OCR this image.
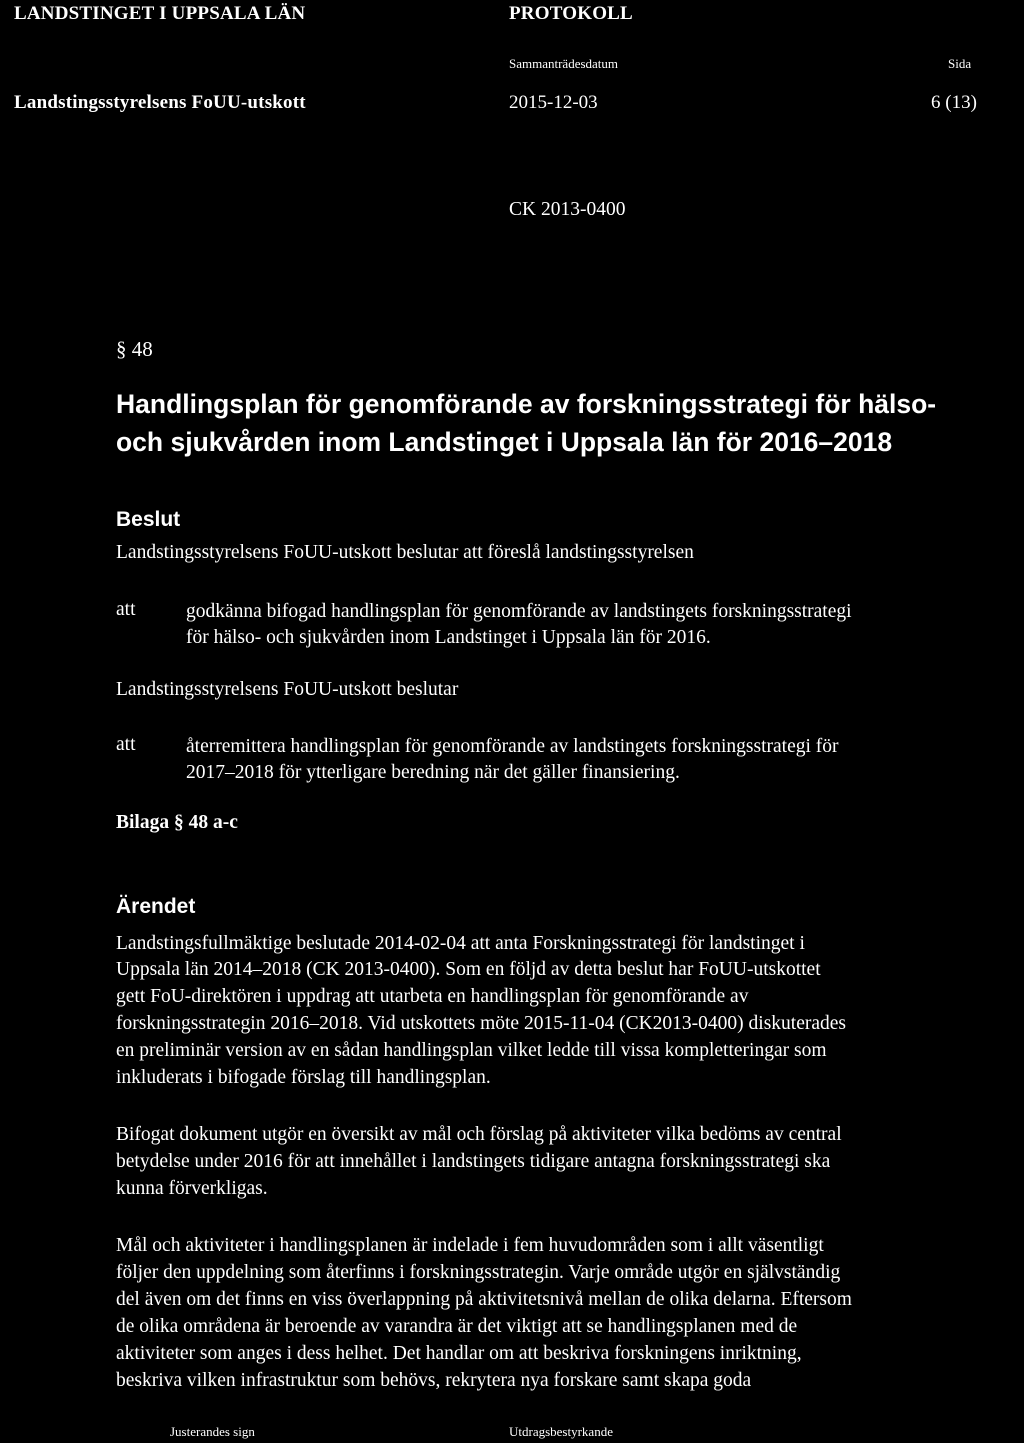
LANDSTINGET I UPPSALA LÄN	PROTOKOLL
Sammanträdesdatum	Sida
Landstingsstyrelsens FoUU-utskott	2015-12-03	6 (13)
CK 2013-0400
§ 48
Handlingsplan för genomförande av forskningsstrategi för hälso-
och sjukvården inom Landstinget i Uppsala län för 2016–2018
Beslut
Landstingsstyrelsens FoUU-utskott beslutar att föreslå landstingsstyrelsen
att	godkänna bifogad handlingsplan för genomförande av landstingets forskningsstrategi
för hälso- och sjukvården inom Landstinget i Uppsala län för 2016.
Landstingsstyrelsens FoUU-utskott beslutar
att	återremittera handlingsplan för genomförande av landstingets forskningsstrategi för
2017–2018 för ytterligare beredning när det gäller finansiering.
Bilaga § 48 a-c
Ärendet
Landstingsfullmäktige beslutade 2014-02-04 att anta Forskningsstrategi för landstinget i
Uppsala län 2014–2018 (CK 2013-0400). Som en följd av detta beslut har FoUU-utskottet
gett FoU-direktören i uppdrag att utarbeta en handlingsplan för genomförande av
forskningsstrategin 2016–2018. Vid utskottets möte 2015-11-04 (CK2013-0400) diskuterades
en preliminär version av en sådan handlingsplan vilket ledde till vissa kompletteringar som
inkluderats i bifogade förslag till handlingsplan.
Bifogat dokument utgör en översikt av mål och förslag på aktiviteter vilka bedöms av central
betydelse under 2016 för att innehållet i landstingets tidigare antagna forskningsstrategi ska
kunna förverkligas.
Mål och aktiviteter i handlingsplanen är indelade i fem huvudområden som i allt väsentligt
följer den uppdelning som återfinns i forskningsstrategin. Varje område utgör en självständig
del även om det finns en viss överlappning på aktivitetsnivå mellan de olika delarna. Eftersom
de olika områdena är beroende av varandra är det viktigt att se handlingsplanen med de
aktiviteter som anges i dess helhet. Det handlar om att beskriva forskningens inriktning,
beskriva vilken infrastruktur som behövs, rekrytera nya forskare samt skapa goda
Justerandes sign	Utdragsbestyrkande
